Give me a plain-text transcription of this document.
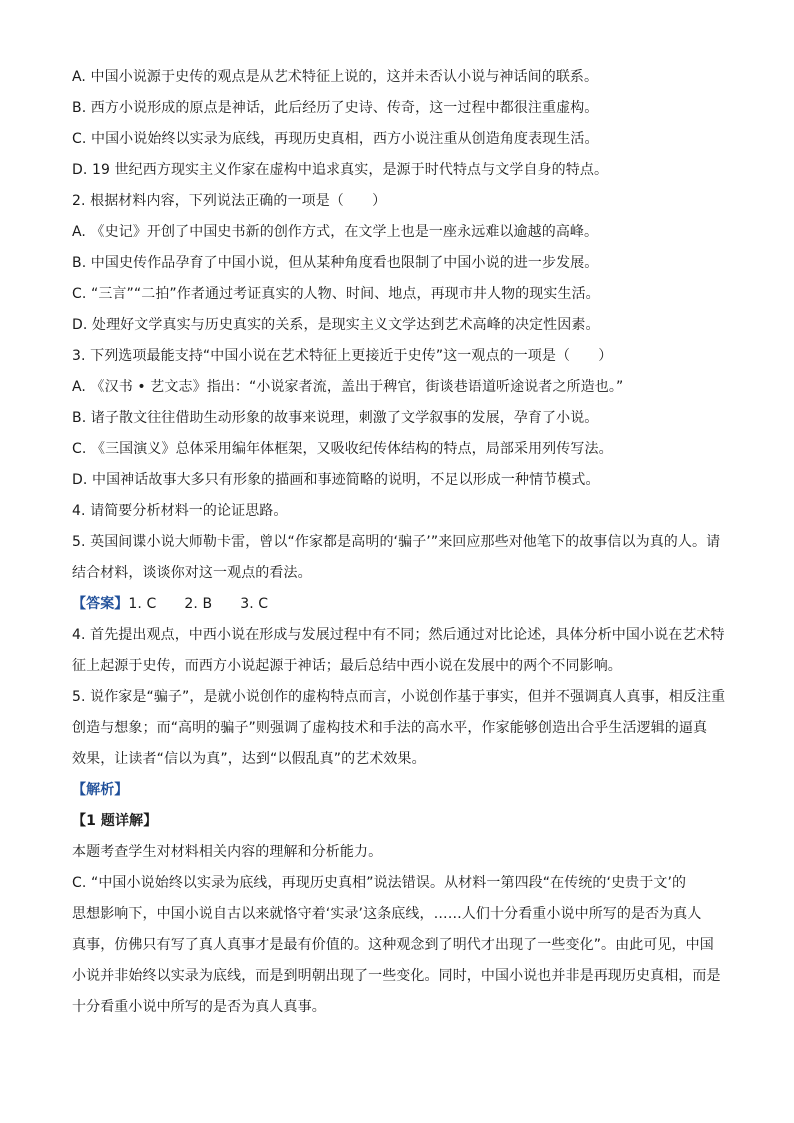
A. 中国小说源于史传的观点是从艺术特征上说的，这并未否认小说与神话间的联系。
B. 西方小说形成的原点是神话，此后经历了史诗、传奇，这一过程中都很注重虚构。
C. 中国小说始终以实录为底线，再现历史真相，西方小说注重从创造角度表现生活。
D. 19 世纪西方现实主义作家在虚构中追求真实，是源于时代特点与文学自身的特点。
2. 根据材料内容，下列说法正确的一项是（　　）
A. 《史记》开创了中国史书新的创作方式，在文学上也是一座永远难以逾越的高峰。
B. 中国史传作品孕育了中国小说，但从某种角度看也限制了中国小说的进一步发展。
C. “三言”“二拍”作者通过考证真实的人物、时间、地点，再现市井人物的现实生活。
D. 处理好文学真实与历史真实的关系，是现实主义文学达到艺术高峰的决定性因素。
3. 下列选项最能支持“中国小说在艺术特征上更接近于史传”这一观点的一项是（　　）
A. 《汉书 • 艺文志》指出：“小说家者流，盖出于稗官，街谈巷语道听途说者之所造也。”
B. 诸子散文往往借助生动形象的故事来说理，刺激了文学叙事的发展，孕育了小说。
C. 《三国演义》总体采用编年体框架，又吸收纪传体结构的特点，局部采用列传写法。
D. 中国神话故事大多只有形象的描画和事迹简略的说明，不足以形成一种情节模式。
4. 请简要分析材料一的论证思路。
5. 英国间谍小说大师勒卡雷，曾以“作家都是高明的‘骗子’”来回应那些对他笔下的故事信以为真的人。请
结合材料，谈谈你对这一观点的看法。
【答案】1. C 2. B 3. C
4. 首先提出观点，中西小说在形成与发展过程中有不同；然后通过对比论述，具体分析中国小说在艺术特
征上起源于史传，而西方小说起源于神话；最后总结中西小说在发展中的两个不同影响。
5. 说作家是“骗子”，是就小说创作的虚构特点而言，小说创作基于事实，但并不强调真人真事，相反注重
创造与想象；而“高明的骗子”则强调了虚构技术和手法的高水平，作家能够创造出合乎生活逻辑的逼真
效果，让读者“信以为真”，达到“以假乱真”的艺术效果。
【解析】
【1 题详解】
本题考查学生对材料相关内容的理解和分析能力。
C. “中国小说始终以实录为底线，再现历史真相”说法错误。从材料一第四段“在传统的‘史贵于文’的
思想影响下，中国小说自古以来就恪守着‘实录’这条底线，……人们十分看重小说中所写的是否为真人
真事，仿佛只有写了真人真事才是最有价值的。这种观念到了明代才出现了一些变化”。由此可见，中国
小说并非始终以实录为底线，而是到明朝出现了一些变化。同时，中国小说也并非是再现历史真相，而是
十分看重小说中所写的是否为真人真事。
